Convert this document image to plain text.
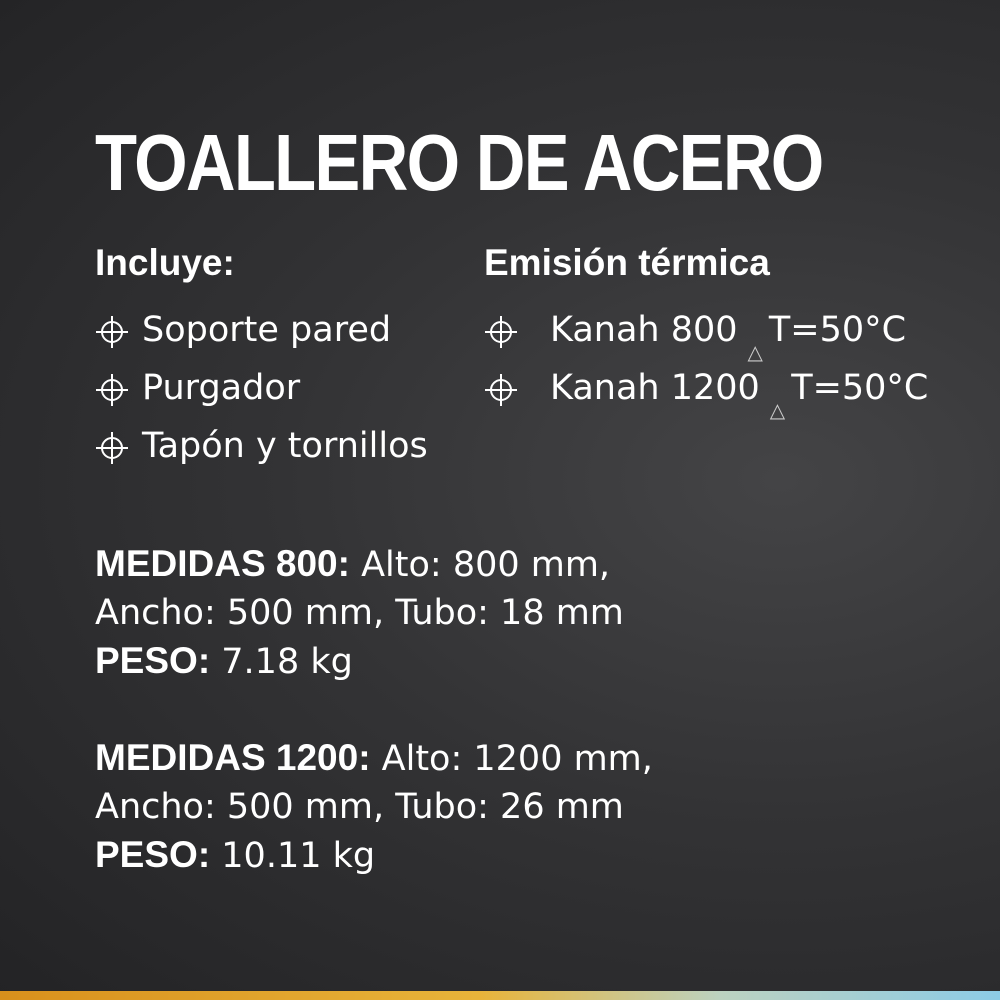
TOALLERO DE ACERO
Incluye:
Soporte pared
Purgador
Tapón y tornillos
Emisión térmica
Kanah 800
△
T=50°C
Kanah 1200
△
T=50°C
MEDIDAS 800: Alto: 800 mm,
Ancho: 500 mm, Tubo: 18 mm
PESO: 7.18 kg
MEDIDAS 1200: Alto: 1200 mm,
Ancho: 500 mm, Tubo: 26 mm
PESO: 10.11 kg
